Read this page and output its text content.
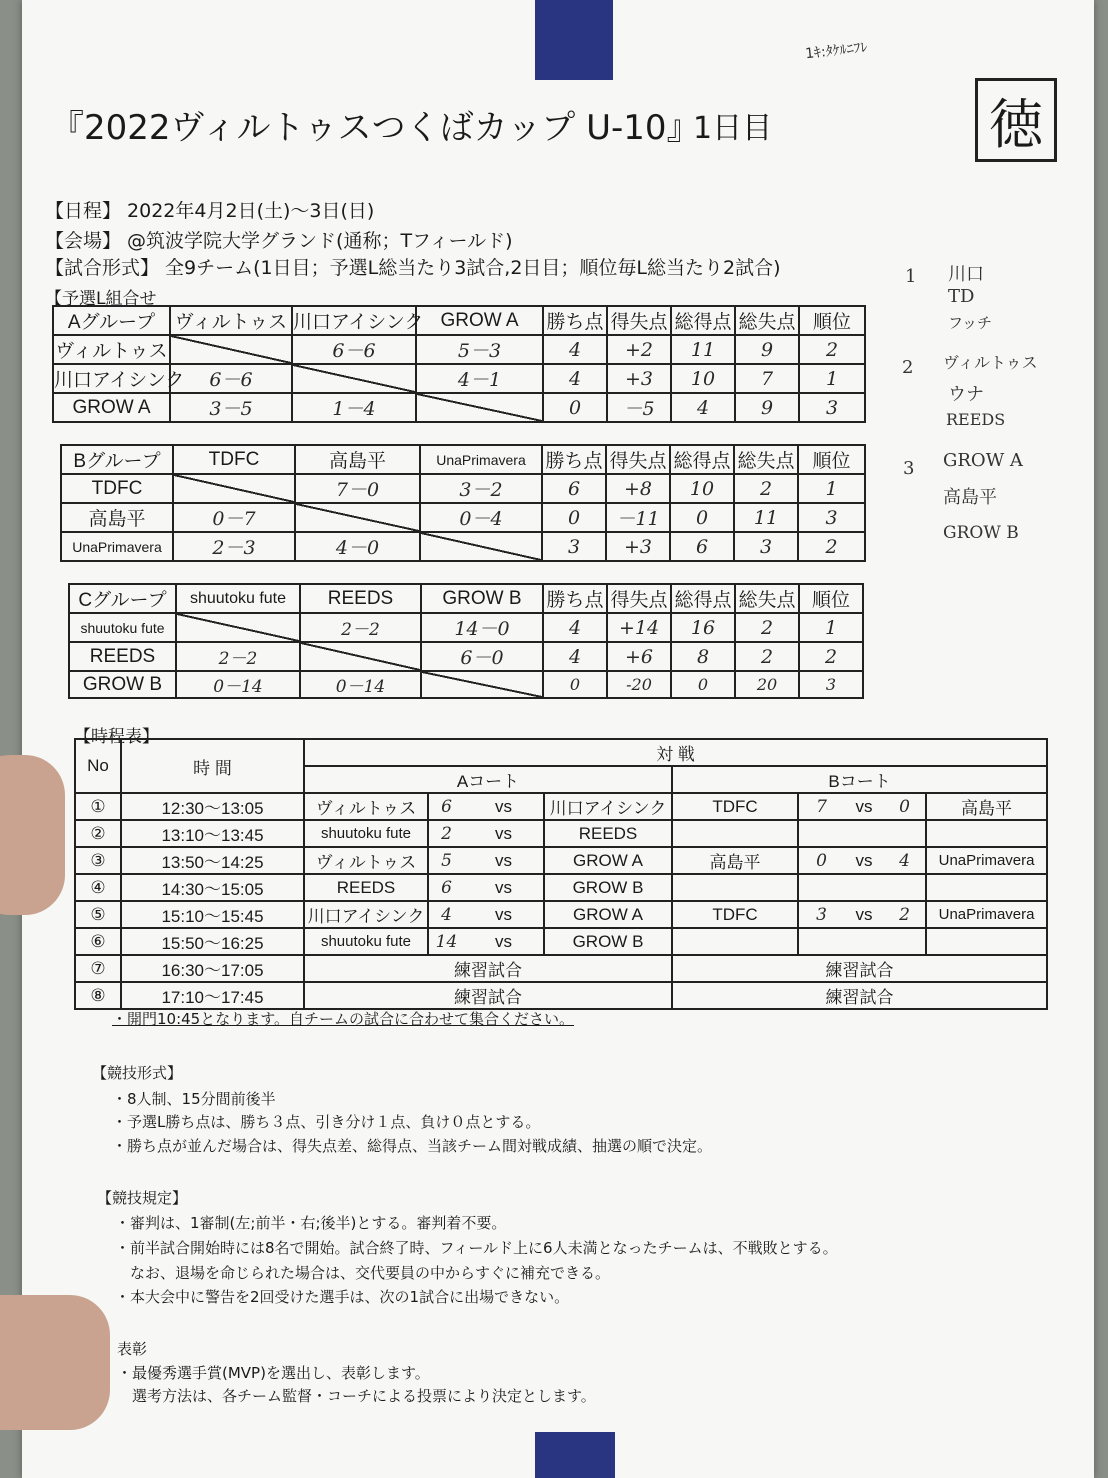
『2022ヴィルトゥスつくばカップ U-10』
1日目	徳
1ｷ:ﾀｹﾙﾆﾌﾚ
【日程】 2022年4月2日(土)～3日(日)
【会場】 @筑波学院大学グランド(通称；Tフィールド)
【試合形式】 全9チーム(1日目；予選L総当たり3試合,2日目；順位毎L総当たり2試合)
【予選L組合せ
Aグループ	ヴィルトゥス	川口アイシンク	GROW A	勝ち点	得失点	総得点	総失点	順位
ヴィルトゥス		6－6	5－3	4	+2	11	9	2
川口アイシンク	6－6		4－1	4	+3	10	7	1
GROW A	3－5	1－4		0	－5	4	9	3
Bグループ	TDFC	高島平	UnaPrimavera	勝ち点	得失点	総得点	総失点	順位
TDFC		7－0	3－2	6	+8	10	2	1
高島平	0－7		0－4	0	－11	0	11	3
UnaPrimavera	2－3	4－0		3	+3	6	3	2
Cグループ	shuutoku fute	REEDS	GROW B	勝ち点	得失点	総得点	総失点	順位
shuutoku fute		2－2	14－0	4	+14	16	2	1
REEDS	2－2		6－0	4	+6	8	2	2
GROW B	0－14	0－14		0	-20	0	20	3
1 川口
TD
フッチ
2 ヴィルトゥス
ウナ
REEDS
3 GROW A
高島平
GROW B
【時程表】
No	時 間	対 戦								
		Aコート				Bコート				
①	12:30～13:05	ヴィルトゥス	6	vs	川口アイシンク	TDFC	7	vs	0	高島平
②	13:10～13:45	shuutoku fute	2	vs	REEDS					
③	13:50～14:25	ヴィルトゥス	5	vs	GROW A	高島平	0	vs	4	UnaPrimavera
④	14:30～15:05	REEDS	6	vs	GROW B					
⑤	15:10～15:45	川口アイシンク	4	vs	GROW A	TDFC	3	vs	2	UnaPrimavera
⑥	15:50～16:25	shuutoku fute	14	vs	GROW B					
⑦	16:30～17:05	練習試合				練習試合				
⑧	17:10～17:45	練習試合				練習試合				
・開門10:45となります。自チームの試合に合わせて集合ください。
【競技形式】
・8人制、15分間前後半
・予選L勝ち点は、勝ち３点、引き分け１点、負け０点とする。
・勝ち点が並んだ場合は、得失点差、総得点、当該チーム間対戦成績、抽選の順で決定。
【競技規定】
・審判は、1審制(左;前半・右;後半)とする。審判着不要。
・前半試合開始時には8名で開始。試合終了時、フィールド上に6人未満となったチームは、不戦敗とする。
　なお、退場を命じられた場合は、交代要員の中からすぐに補充できる。
・本大会中に警告を2回受けた選手は、次の1試合に出場できない。
表彰
・最優秀選手賞(MVP)を選出し、表彰します。
　選考方法は、各チーム監督・コーチによる投票により決定とします。
